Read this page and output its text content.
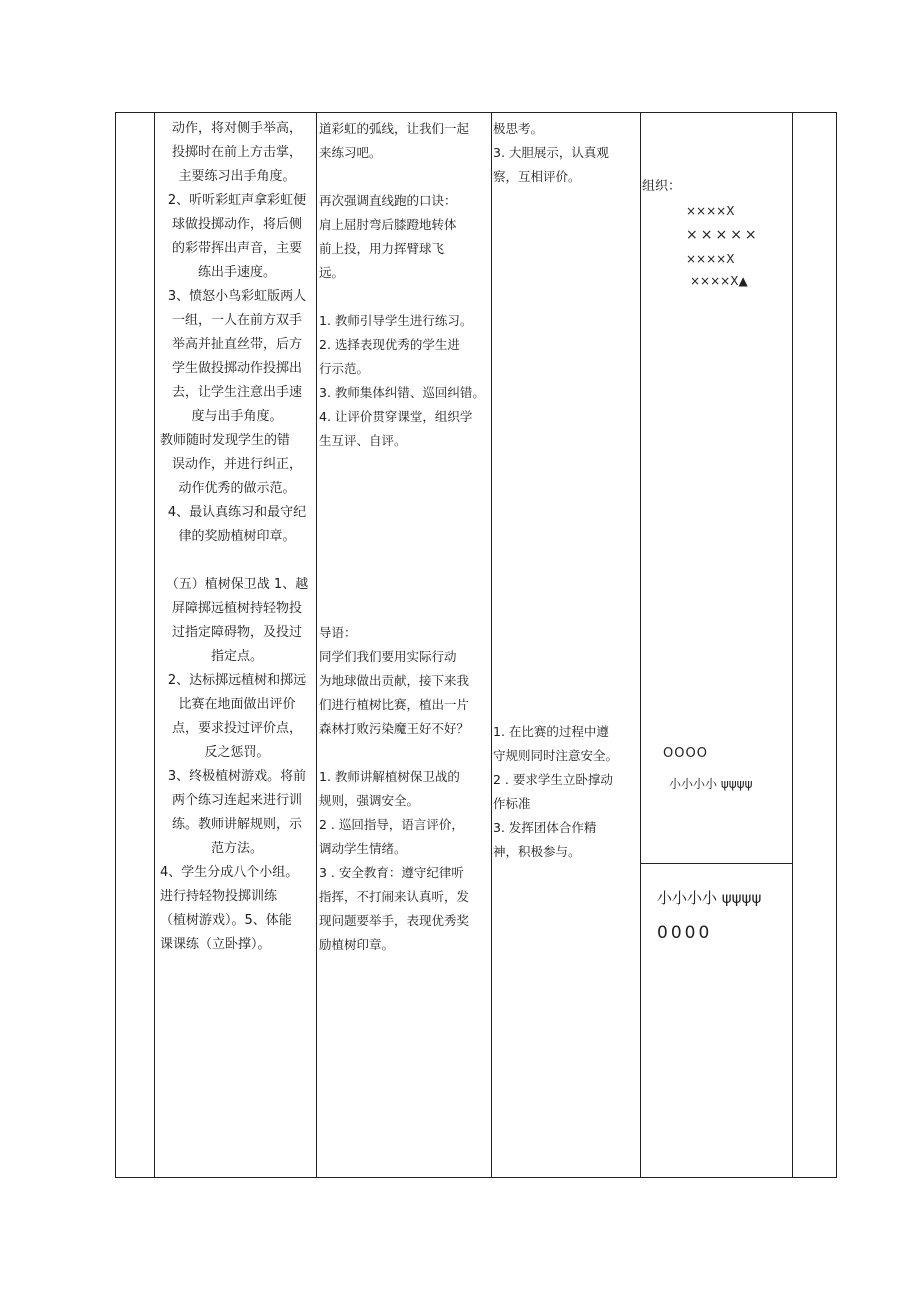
动作，将对侧手举高，

投掷时在前上方击掌，

主要练习出手角度。

2、听听彩虹声拿彩虹便

球做投掷动作，将后侧

的彩带挥出声音，主要

练出手速度。

3、愤怒小鸟彩虹版两人

一组，一人在前方双手

举高并扯直丝带，后方

学生做投掷动作投掷出

去，让学生注意出手速

度与出手角度。

教师随时发现学生的错

误动作，并进行纠正，

动作优秀的做示范。

4、最认真练习和最守纪

律的奖励植树印章。

（五）植树保卫战 1、越

屏障掷远植树持轻物投

过指定障碍物，及投过

指定点。

2、达标掷远植树和掷远

比赛在地面做出评价

点，要求投过评价点，

反之惩罚。

3、终极植树游戏。将前

两个练习连起来进行训

练。教师讲解规则，示

范方法。

4、学生分成八个小组。

进行持轻物投掷训练

（植树游戏）。5、体能

课课练（立卧撑）。

道彩虹的弧线，让我们一起

来练习吧。

再次强调直线跑的口诀：

肩上屈肘弯后膝蹬地转体

前上投，用力挥臂球飞

远。

1. 教师引导学生进行练习。

2. 选择表现优秀的学生进

行示范。

3. 教师集体纠错、巡回纠错。

4. 让评价贯穿课堂，组织学

生互评、自评。

导语：

同学们我们要用实际行动

为地球做出贡献，接下来我

们进行植树比赛，植出一片

森林打败污染魔王好不好？

1. 教师讲解植树保卫战的

规则，强调安全。

2 . 巡回指导，语言评价，

调动学生情绪。

3 . 安全教育：遵守纪律听

指挥，不打闹来认真听，发

现问题要举手，表现优秀奖

励植树印章。

极思考。

3. 大胆展示，认真观

察，互相评价。

1. 在比赛的过程中遵

守规则同时注意安全。

2 . 要求学生立卧撑动

作标准

3. 发挥团体合作精

神，积极参与。

组织：
××××X
×××××
××××X
××××X▲
OOOO
小小小小 ψψψψ
小小小小 ψψψψ
0000
